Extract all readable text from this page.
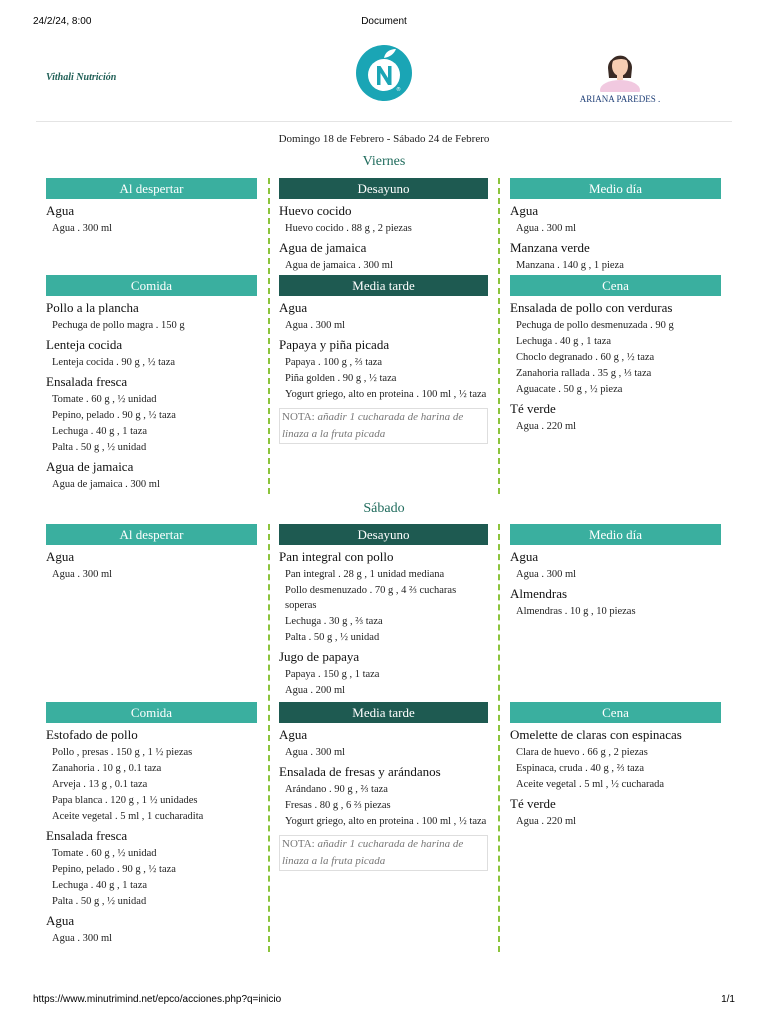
24/2/24, 8:00	Document
Vithali Nutrición
®
ARIANA PAREDES .
Domingo 18 de Febrero - Sábado 24 de Febrero
Viernes
Al despertar
Agua
Agua . 300 ml
Desayuno
Huevo cocido
Huevo cocido . 88 g , 2 piezas
Agua de jamaica
Agua de jamaica . 300 ml
Medio día
Agua
Agua . 300 ml
Manzana verde
Manzana . 140 g , 1 pieza
Comida
Pollo a la plancha
Pechuga de pollo magra . 150 g
Lenteja cocida
Lenteja cocida . 90 g , ½ taza
Ensalada fresca
Tomate . 60 g , ½ unidad
Pepino, pelado . 90 g , ½ taza
Lechuga . 40 g , 1 taza
Palta . 50 g , ½ unidad
Agua de jamaica
Agua de jamaica . 300 ml
Media tarde
Agua
Agua . 300 ml
Papaya y piña picada
Papaya . 100 g , ⅔ taza
Piña golden . 90 g , ½ taza
Yogurt griego, alto en proteina . 100 ml , ½ taza
NOTA: añadir 1 cucharada de harina de linaza a la fruta picada
Cena
Ensalada de pollo con verduras
Pechuga de pollo desmenuzada . 90 g
Lechuga . 40 g , 1 taza
Choclo degranado . 60 g , ½ taza
Zanahoria rallada . 35 g , ⅓ taza
Aguacate . 50 g , ½ pieza
Té verde
Agua . 220 ml
Sábado
Al despertar
Agua
Agua . 300 ml
Desayuno
Pan integral con pollo
Pan integral . 28 g , 1 unidad mediana
Pollo desmenuzado . 70 g , 4 ⅔ cucharas soperas
Lechuga . 30 g , ⅔ taza
Palta . 50 g , ½ unidad
Jugo de papaya
Papaya . 150 g , 1 taza
Agua . 200 ml
Medio día
Agua
Agua . 300 ml
Almendras
Almendras . 10 g , 10 piezas
Comida
Estofado de pollo
Pollo , presas . 150 g , 1 ½ piezas
Zanahoria . 10 g , 0.1 taza
Arveja . 13 g , 0.1 taza
Papa blanca . 120 g , 1 ½ unidades
Aceite vegetal . 5 ml , 1 cucharadita
Ensalada fresca
Tomate . 60 g , ½ unidad
Pepino, pelado . 90 g , ½ taza
Lechuga . 40 g , 1 taza
Palta . 50 g , ½ unidad
Agua
Agua . 300 ml
Media tarde
Agua
Agua . 300 ml
Ensalada de fresas y arándanos
Arándano . 90 g , ⅔ taza
Fresas . 80 g , 6 ⅔ piezas
Yogurt griego, alto en proteina . 100 ml , ½ taza
NOTA: añadir 1 cucharada de harina de linaza a la fruta picada
Cena
Omelette de claras con espinacas
Clara de huevo . 66 g , 2 piezas
Espinaca, cruda . 40 g , ⅔ taza
Aceite vegetal . 5 ml , ½ cucharada
Té verde
Agua . 220 ml
https://www.minutrimind.net/epco/acciones.php?q=inicio	1/1
